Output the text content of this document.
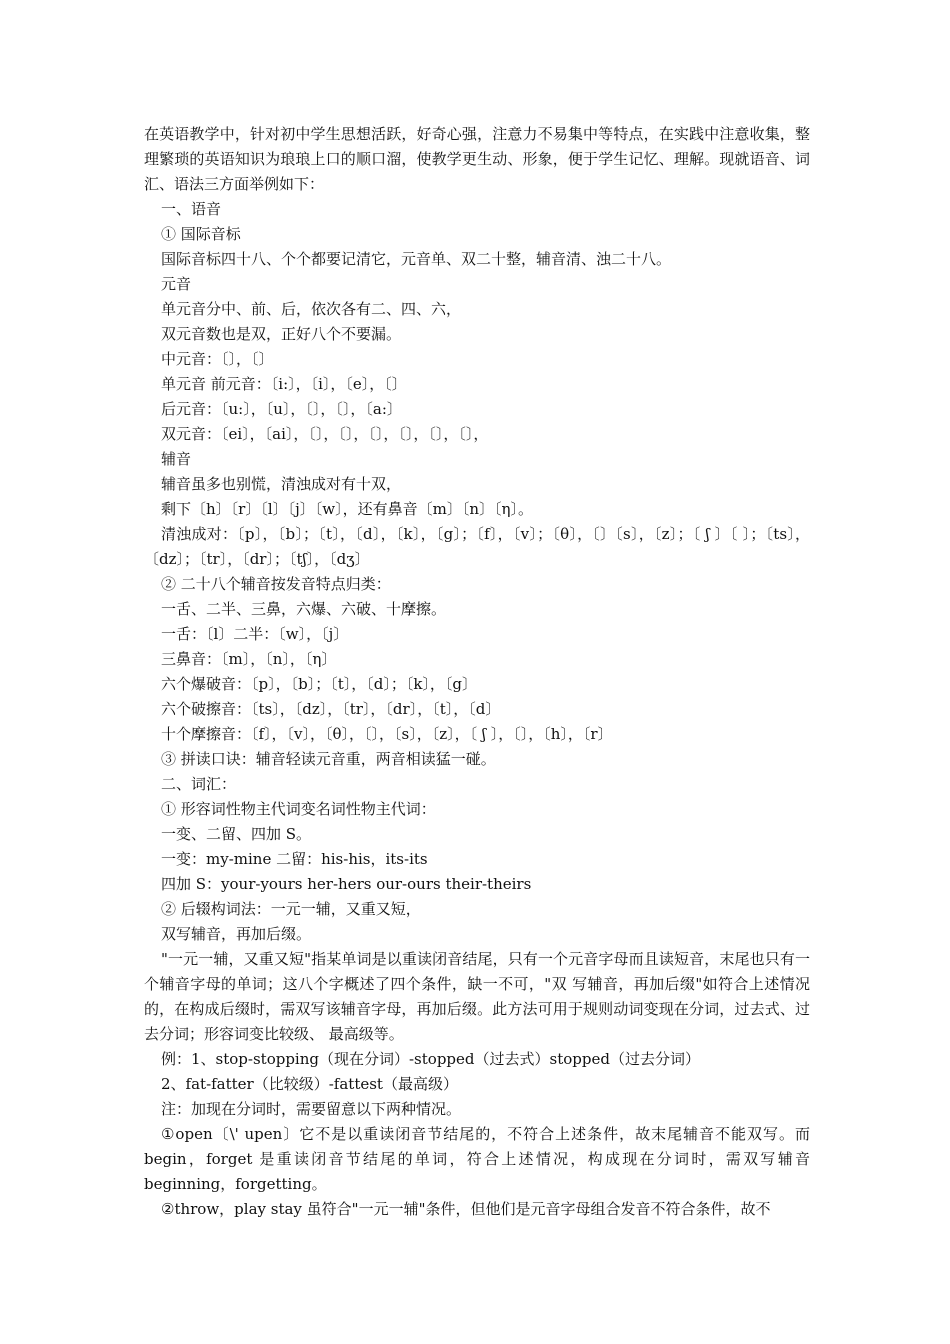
在英语教学中，针对初中学生思想活跃，好奇心强，注意力不易集中等特点，在实践中注意收集，整理繁琐的英语知识为琅琅上口的顺口溜，使教学更生动、形象，便于学生记忆、理解。现就语音、词汇、语法三方面举例如下：

一、语音

① 国际音标

国际音标四十八、个个都要记清它，元音单、双二十整，辅音清、浊二十八。

元音

单元音分中、前、后，依次各有二、四、六，

双元音数也是双，正好八个不要漏。

中元音：〔〕，〔〕

单元音 前元音：〔i:〕，〔i〕，〔e〕，〔〕

后元音：〔u:〕，〔u〕，〔〕，〔〕，〔a:〕

双元音：〔ei〕，〔ai〕，〔〕，〔〕，〔〕，〔〕，〔〕，〔〕，

辅音

辅音虽多也别慌，清浊成对有十双，

剩下〔h〕〔r〕〔l〕〔j〕〔w〕，还有鼻音〔m〕〔n〕〔η〕。

清浊成对：〔p〕，〔b〕；〔t〕，〔d〕，〔k〕，〔g〕；〔f〕，〔v〕；〔θ〕，〔〕〔s〕，〔z〕；〔 ʃ 〕〔 〕；〔ts〕，〔dz〕；〔tr〕，〔dr〕；〔tʃ〕，〔dʒ〕

② 二十八个辅音按发音特点归类：

一舌、二半、三鼻，六爆、六破、十摩擦。

一舌：〔l〕二半：〔w〕，〔j〕

三鼻音：〔m〕，〔n〕，〔η〕

六个爆破音：〔p〕，〔b〕；〔t〕，〔d〕；〔k〕，〔g〕

六个破擦音：〔ts〕，〔dz〕，〔tr〕，〔dr〕，〔t〕，〔d〕

十个摩擦音：〔f〕，〔v〕，〔θ〕，〔〕，〔s〕，〔z〕，〔 ʃ 〕，〔〕，〔h〕，〔r〕

③ 拼读口诀：辅音轻读元音重，两音相读猛一碰。

二、词汇：

① 形容词性物主代词变名词性物主代词：

一变、二留、四加 S。

一变：my-mine 二留：his-his，its-its

四加 S：your-yours her-hers our-ours their-theirs

② 后辍构词法：一元一辅，又重又短，

双写辅音，再加后缀。

"一元一辅，又重又短"指某单词是以重读闭音结尾，只有一个元音字母而且读短音，末尾也只有一个辅音字母的单词；这八个字概述了四个条件，缺一不可，"双 写辅音，再加后缀"如符合上述情况的，在构成后缀时，需双写该辅音字母，再加后缀。此方法可用于规则动词变现在分词，过去式、过去分词；形容词变比较级、 最高级等。

例：1、stop-stopping（现在分词）-stopped（过去式）stopped（过去分词）

2、fat-fatter（比较级）-fattest（最高级）

注：加现在分词时，需要留意以下两种情况。

①open〔\' upen〕它不是以重读闭音节结尾的，不符合上述条件，故末尾辅音不能双写。而begin，forget 是重读闭音节结尾的单词，符合上述情况，构成现在分词时，需双写辅音beginning，forgetting。

②throw，play stay 虽符合"一元一辅"条件，但他们是元音字母组合发音不符合条件，故不
